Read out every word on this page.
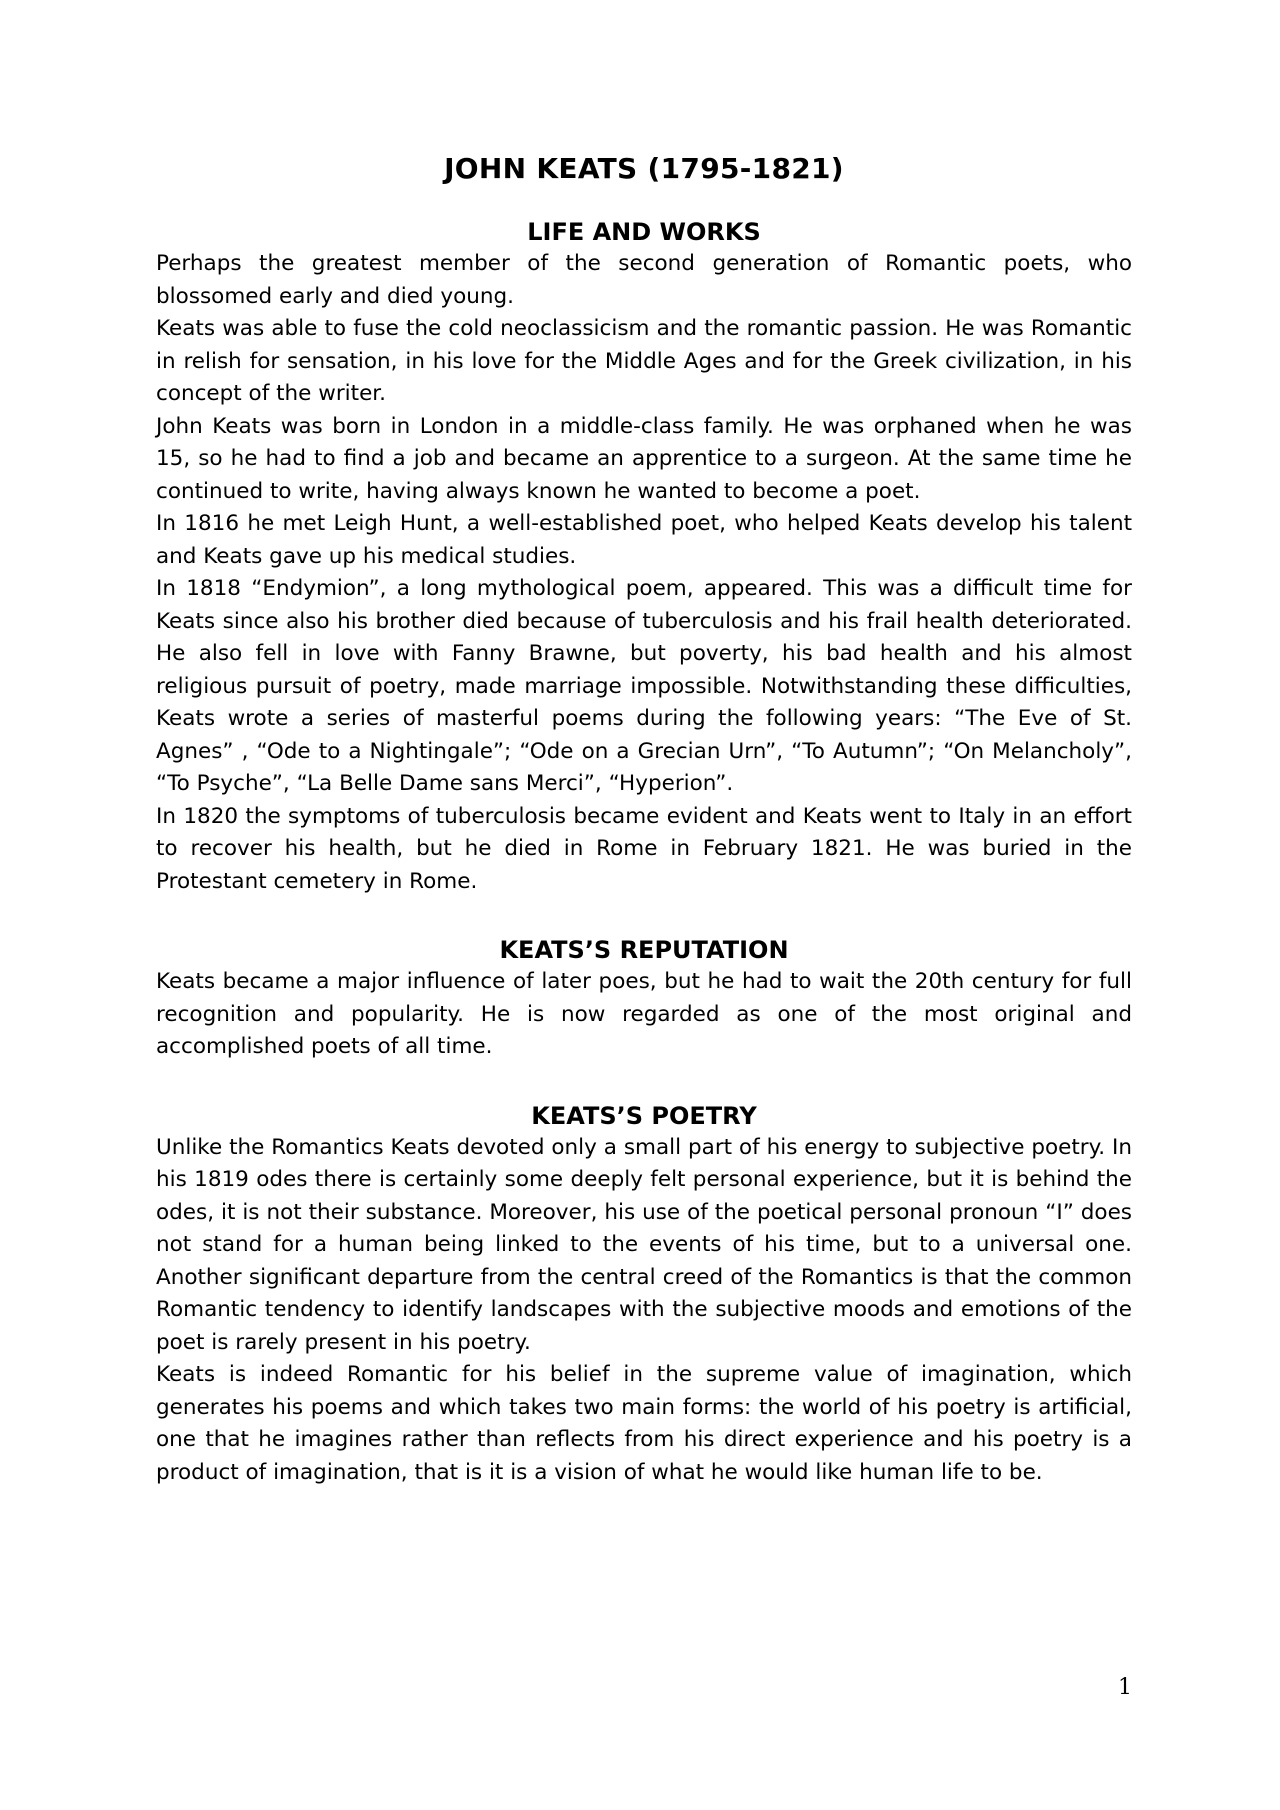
JOHN KEATS (1795-1821)
LIFE AND WORKS

Perhaps the greatest member of the second generation of Romantic poets, who blossomed early and died young.

Keats was able to fuse the cold neoclassicism and the romantic passion. He was Romantic in relish for sensation, in his love for the Middle Ages and for the Greek civilization, in his concept of the writer.

John Keats was born in London in a middle-class family. He was orphaned when he was 15, so he had to find a job and became an apprentice to a surgeon. At the same time he continued to write, having always known he wanted to become a poet.

In 1816 he met Leigh Hunt, a well-established poet, who helped Keats develop his talent and Keats gave up his medical studies.

In 1818 “Endymion”, a long mythological poem, appeared. This was a difficult time for Keats since also his brother died because of tuberculosis and his frail health deteriorated. He also fell in love with Fanny Brawne, but poverty, his bad health and his almost religious pursuit of poetry, made marriage impossible. Notwithstanding these difficulties, Keats wrote a series of masterful poems during the following years: “The Eve of St. Agnes” , “Ode to a Nightingale”; “Ode on a Grecian Urn”, “To Autumn”; “On Melancholy”, “To Psyche”, “La Belle Dame sans Merci”, “Hyperion”.

In 1820 the symptoms of tuberculosis became evident and Keats went to Italy in an effort to recover his health, but he died in Rome in February 1821. He was buried in the Protestant cemetery in Rome.

KEATS’S REPUTATION

Keats became a major influence of later poes, but he had to wait the 20th century for full recognition and popularity. He is now regarded as one of the most original and accomplished poets of all time.

KEATS’S POETRY

Unlike the Romantics Keats devoted only a small part of his energy to subjective poetry. In his 1819 odes there is certainly some deeply felt personal experience, but it is behind the odes, it is not their substance. Moreover, his use of the poetical personal pronoun “I” does not stand for a human being linked to the events of his time, but to a universal one. Another significant departure from the central creed of the Romantics is that the common Romantic tendency to identify landscapes with the subjective moods and emotions of the poet is rarely present in his poetry.

Keats is indeed Romantic for his belief in the supreme value of imagination, which generates his poems and which takes two main forms: the world of his poetry is artificial, one that he imagines rather than reflects from his direct experience and his poetry is a product of imagination, that is it is a vision of what he would like human life to be.

1
